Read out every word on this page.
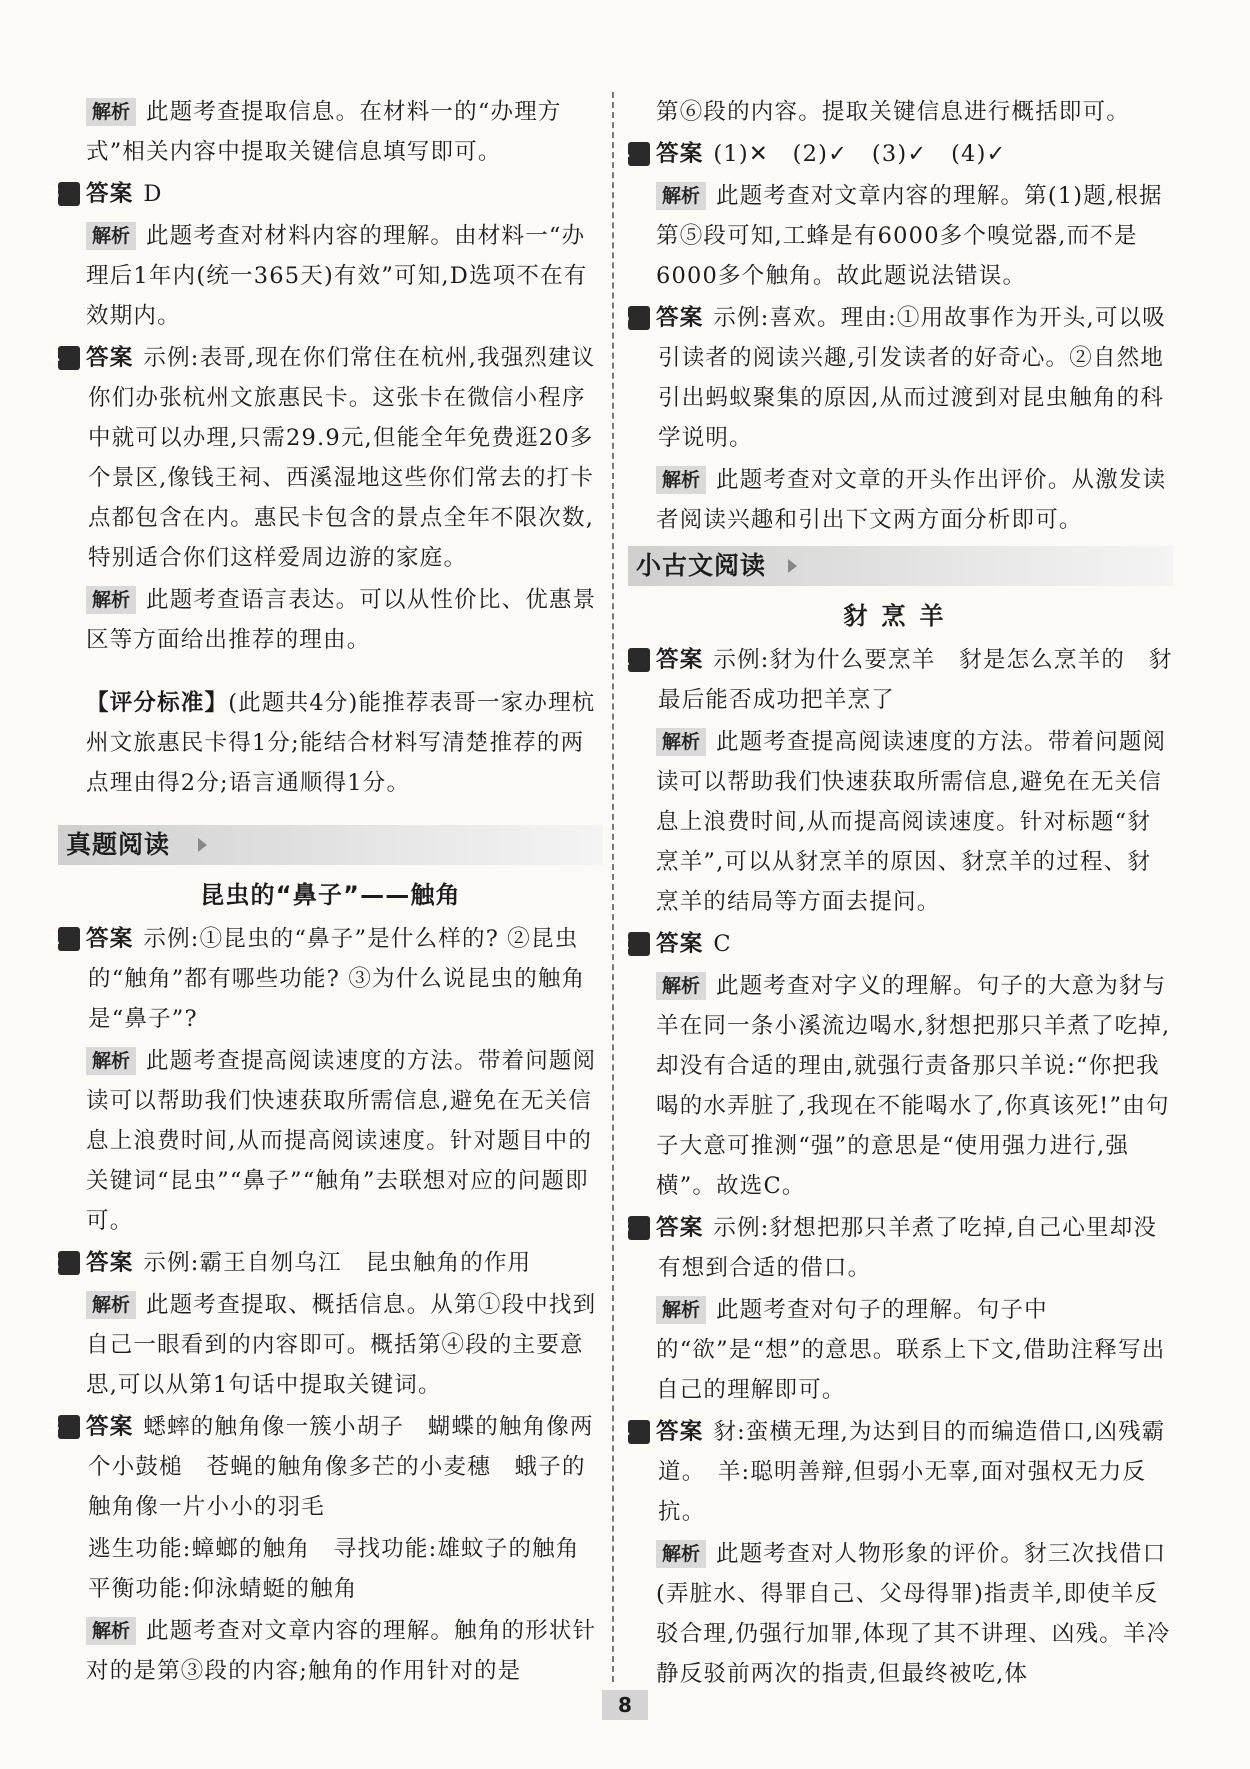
解析 此题考查提取信息。在材料一的“办理方式”相关内容中提取关键信息填写即可。

3 答案 D

解析 此题考查对材料内容的理解。由材料一“办理后1年内(统一365天)有效”可知,D选项不在有效期内。

4 答案 示例:表哥,现在你们常住在杭州,我强烈建议你们办张杭州文旅惠民卡。这张卡在微信小程序中就可以办理,只需29.9元,但能全年免费逛20多个景区,像钱王祠、西溪湿地这些你们常去的打卡点都包含在内。惠民卡包含的景点全年不限次数,特别适合你们这样爱周边游的家庭。

解析 此题考查语言表达。可以从性价比、优惠景区等方面给出推荐的理由。

【评分标准】(此题共4分)能推荐表哥一家办理杭州文旅惠民卡得1分;能结合材料写清楚推荐的两点理由得2分;语言通顺得1分。

真题阅读
昆虫的“鼻子”——触角

1 答案 示例:①昆虫的“鼻子”是什么样的? ②昆虫的“触角”都有哪些功能? ③为什么说昆虫的触角是“鼻子”?

解析 此题考查提高阅读速度的方法。带着问题阅读可以帮助我们快速获取所需信息,避免在无关信息上浪费时间,从而提高阅读速度。针对题目中的关键词“昆虫”“鼻子”“触角”去联想对应的问题即可。

2 答案 示例:霸王自刎乌江　昆虫触角的作用

解析 此题考查提取、概括信息。从第①段中找到自己一眼看到的内容即可。概括第④段的主要意思,可以从第1句话中提取关键词。

3 答案 蟋蟀的触角像一簇小胡子　蝴蝶的触角像两个小鼓槌　苍蝇的触角像多芒的小麦穗　蛾子的触角像一片小小的羽毛

逃生功能:蟑螂的触角　寻找功能:雄蚊子的触角　平衡功能:仰泳蜻蜓的触角

解析 此题考查对文章内容的理解。触角的形状针对的是第③段的内容;触角的作用针对的是

第⑥段的内容。提取关键信息进行概括即可。

4 答案 (1)✕　(2)✓　(3)✓　(4)✓

解析 此题考查对文章内容的理解。第(1)题,根据第⑤段可知,工蜂是有6000多个嗅觉器,而不是6000多个触角。故此题说法错误。

5 答案 示例:喜欢。理由:①用故事作为开头,可以吸引读者的阅读兴趣,引发读者的好奇心。②自然地引出蚂蚁聚集的原因,从而过渡到对昆虫触角的科学说明。

解析 此题考查对文章的开头作出评价。从激发读者阅读兴趣和引出下文两方面分析即可。

小古文阅读
豺烹羊

1 答案 示例:豺为什么要烹羊　豺是怎么烹羊的　豺最后能否成功把羊烹了

解析 此题考查提高阅读速度的方法。带着问题阅读可以帮助我们快速获取所需信息,避免在无关信息上浪费时间,从而提高阅读速度。针对标题“豺烹羊”,可以从豺烹羊的原因、豺烹羊的过程、豺烹羊的结局等方面去提问。

2 答案 C

解析 此题考查对字义的理解。句子的大意为豺与羊在同一条小溪流边喝水,豺想把那只羊煮了吃掉,却没有合适的理由,就强行责备那只羊说:“你把我喝的水弄脏了,我现在不能喝水了,你真该死!”由句子大意可推测“强”的意思是“使用强力进行,强横”。故选C。

3 答案 示例:豺想把那只羊煮了吃掉,自己心里却没有想到合适的借口。

解析 此题考查对句子的理解。句子中的“欲”是“想”的意思。联系上下文,借助注释写出自己的理解即可。

4 答案 豺:蛮横无理,为达到目的而编造借口,凶残霸道。　羊:聪明善辩,但弱小无辜,面对强权无力反抗。

解析 此题考查对人物形象的评价。豺三次找借口(弄脏水、得罪自己、父母得罪)指责羊,即使羊反驳合理,仍强行加罪,体现了其不讲理、凶残。羊冷静反驳前两次的指责,但最终被吃,体

8
